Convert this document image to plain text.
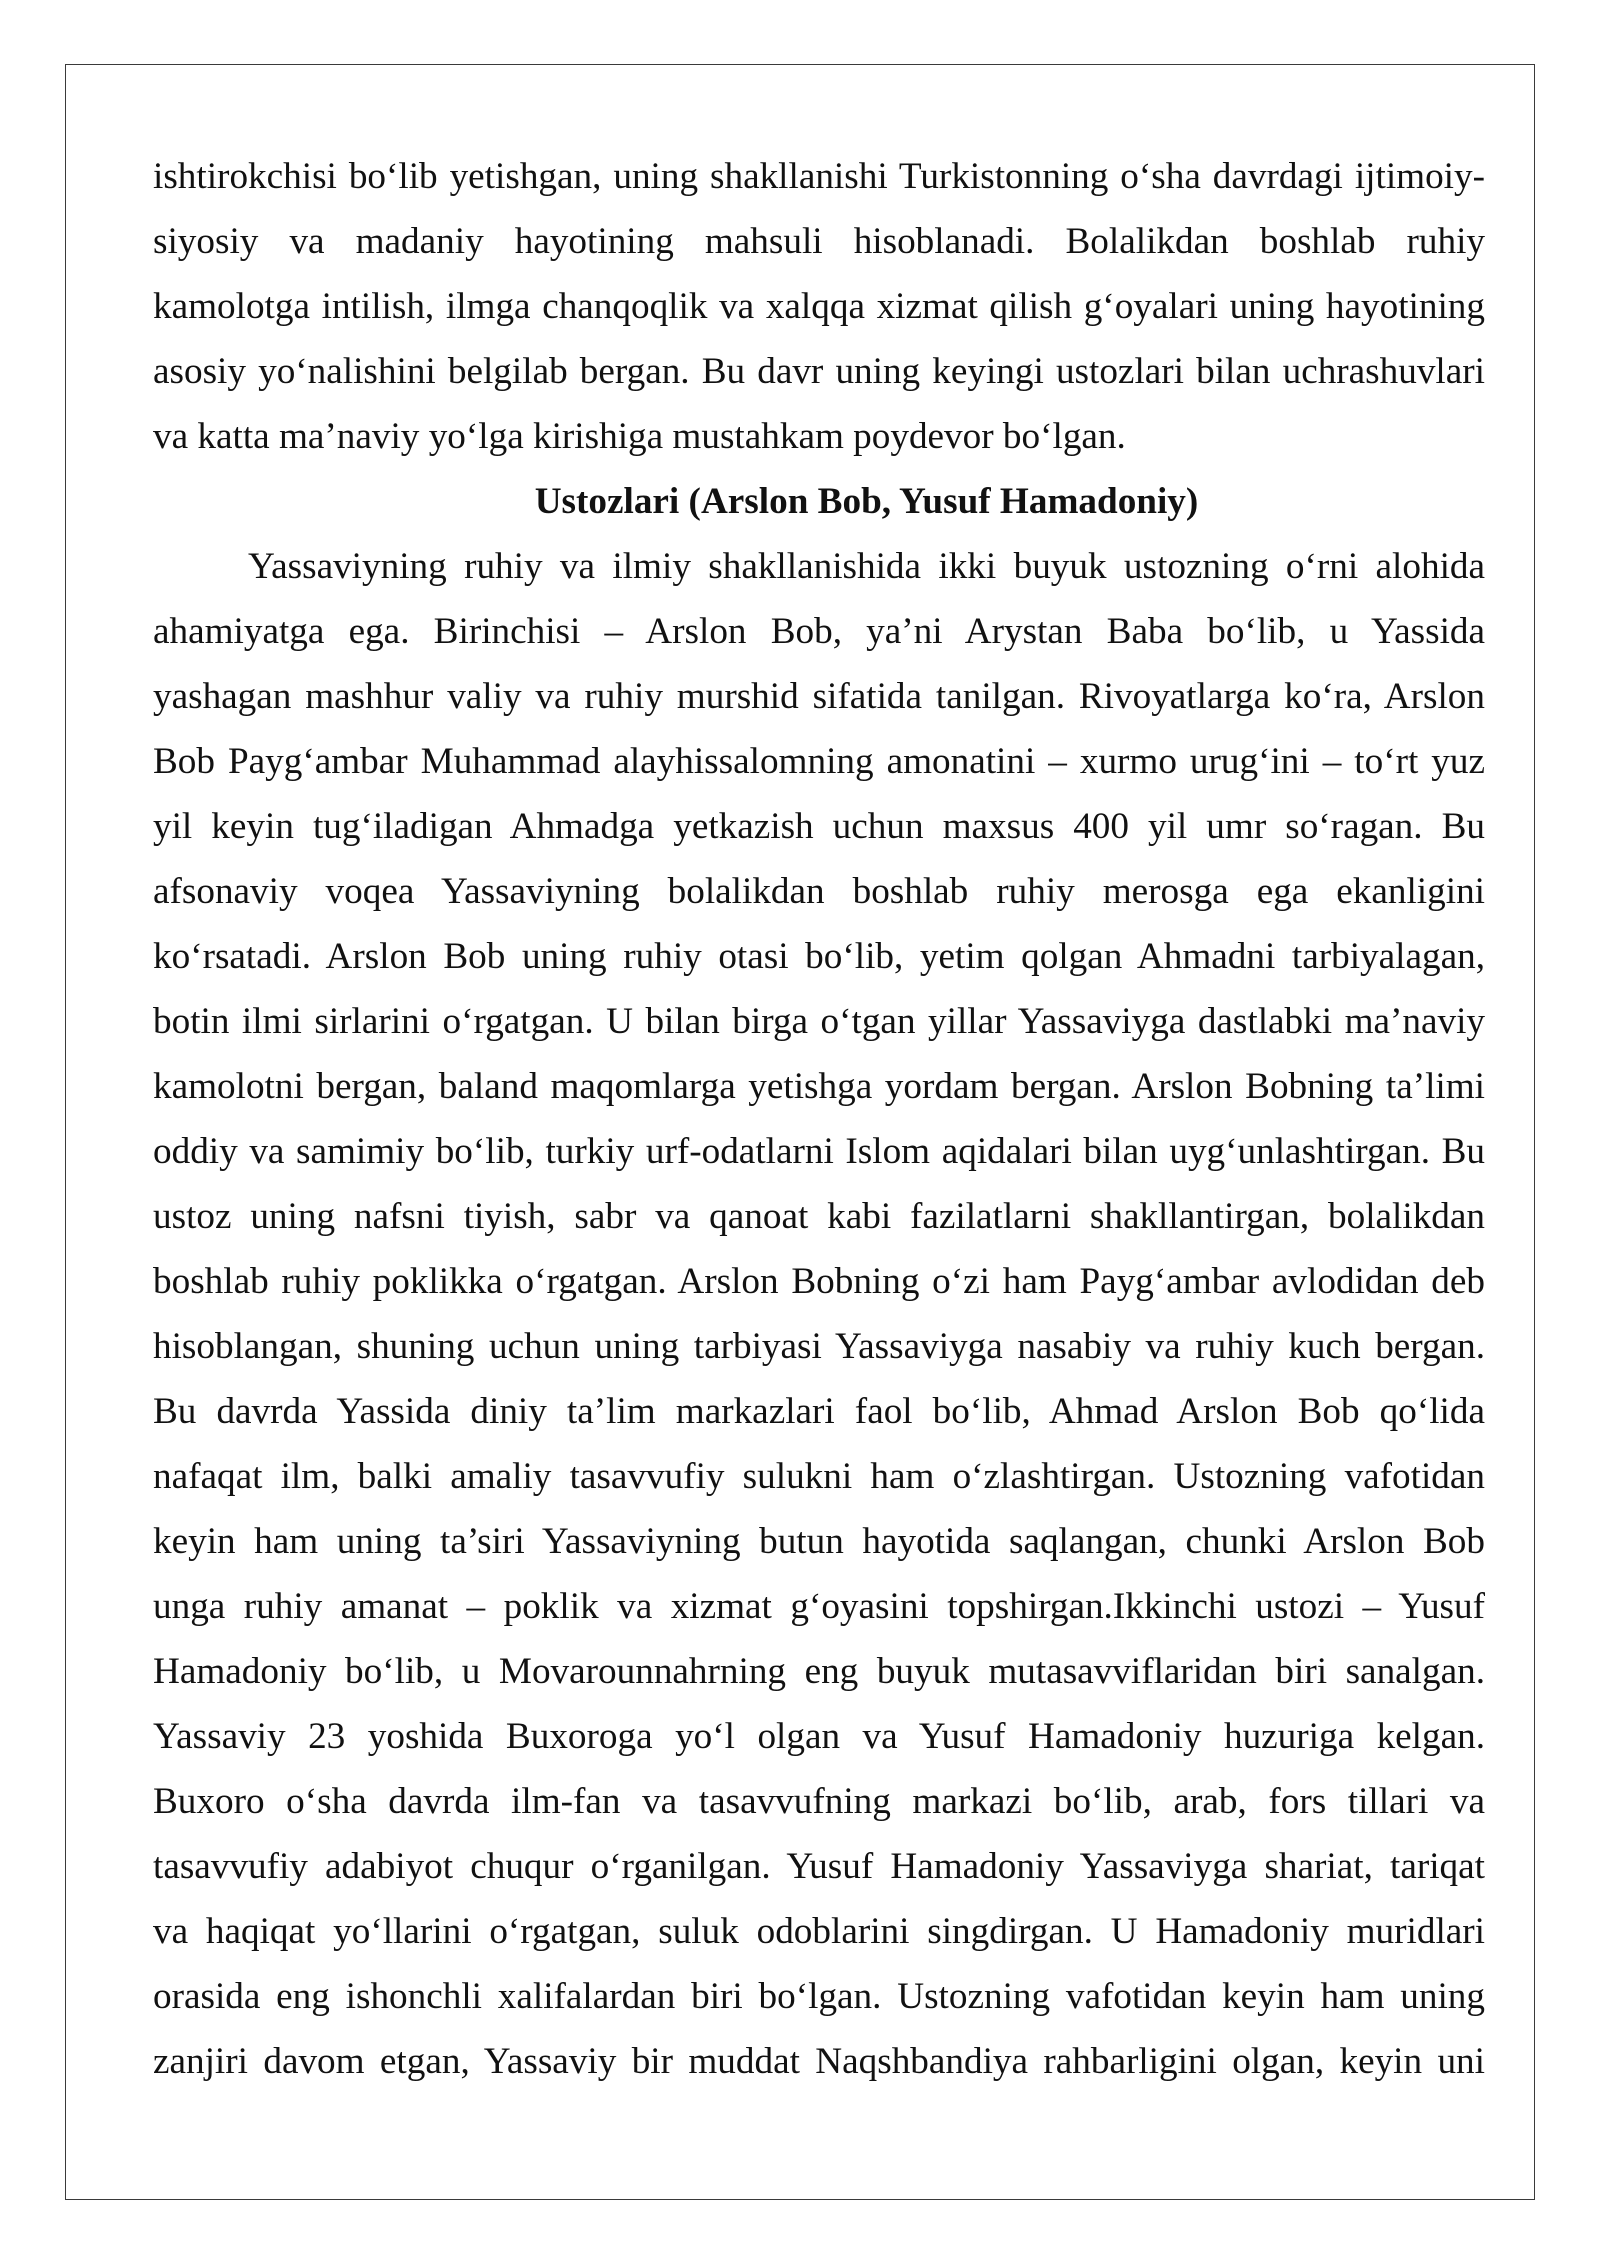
ishtirokchisi bo‘lib yetishgan, uning shakllanishi Turkistonning o‘sha davrdagi ijtimoiy-
siyosiy va madaniy hayotining mahsuli hisoblanadi. Bolalikdan boshlab ruhiy
kamolotga intilish, ilmga chanqoqlik va xalqqa xizmat qilish g‘oyalari uning hayotining
asosiy yo‘nalishini belgilab bergan. Bu davr uning keyingi ustozlari bilan uchrashuvlari
va katta ma’naviy yo‘lga kirishiga mustahkam poydevor bo‘lgan.
Ustozlari (Arslon Bob, Yusuf Hamadoniy)
Yassaviyning ruhiy va ilmiy shakllanishida ikki buyuk ustozning o‘rni alohida
ahamiyatga ega. Birinchisi – Arslon Bob, ya’ni Arystan Baba bo‘lib, u Yassida
yashagan mashhur valiy va ruhiy murshid sifatida tanilgan. Rivoyatlarga ko‘ra, Arslon
Bob Payg‘ambar Muhammad alayhissalomning amonatini – xurmo urug‘ini – to‘rt yuz
yil keyin tug‘iladigan Ahmadga yetkazish uchun maxsus 400 yil umr so‘ragan. Bu
afsonaviy voqea Yassaviyning bolalikdan boshlab ruhiy merosga ega ekanligini
ko‘rsatadi. Arslon Bob uning ruhiy otasi bo‘lib, yetim qolgan Ahmadni tarbiyalagan,
botin ilmi sirlarini o‘rgatgan. U bilan birga o‘tgan yillar Yassaviyga dastlabki ma’naviy
kamolotni bergan, baland maqomlarga yetishga yordam bergan. Arslon Bobning ta’limi
oddiy va samimiy bo‘lib, turkiy urf-odatlarni Islom aqidalari bilan uyg‘unlashtirgan. Bu
ustoz uning nafsni tiyish, sabr va qanoat kabi fazilatlarni shakllantirgan, bolalikdan
boshlab ruhiy poklikka o‘rgatgan. Arslon Bobning o‘zi ham Payg‘ambar avlodidan deb
hisoblangan, shuning uchun uning tarbiyasi Yassaviyga nasabiy va ruhiy kuch bergan.
Bu davrda Yassida diniy ta’lim markazlari faol bo‘lib, Ahmad Arslon Bob qo‘lida
nafaqat ilm, balki amaliy tasavvufiy sulukni ham o‘zlashtirgan. Ustozning vafotidan
keyin ham uning ta’siri Yassaviyning butun hayotida saqlangan, chunki Arslon Bob
unga ruhiy amanat – poklik va xizmat g‘oyasini topshirgan.Ikkinchi ustozi – Yusuf
Hamadoniy bo‘lib, u Movarounnahrning eng buyuk mutasavviflaridan biri sanalgan.
Yassaviy 23 yoshida Buxoroga yo‘l olgan va Yusuf Hamadoniy huzuriga kelgan.
Buxoro o‘sha davrda ilm-fan va tasavvufning markazi bo‘lib, arab, fors tillari va
tasavvufiy adabiyot chuqur o‘rganilgan. Yusuf Hamadoniy Yassaviyga shariat, tariqat
va haqiqat yo‘llarini o‘rgatgan, suluk odoblarini singdirgan. U Hamadoniy muridlari
orasida eng ishonchli xalifalardan biri bo‘lgan. Ustozning vafotidan keyin ham uning
zanjiri davom etgan, Yassaviy bir muddat Naqshbandiya rahbarligini olgan, keyin uni
